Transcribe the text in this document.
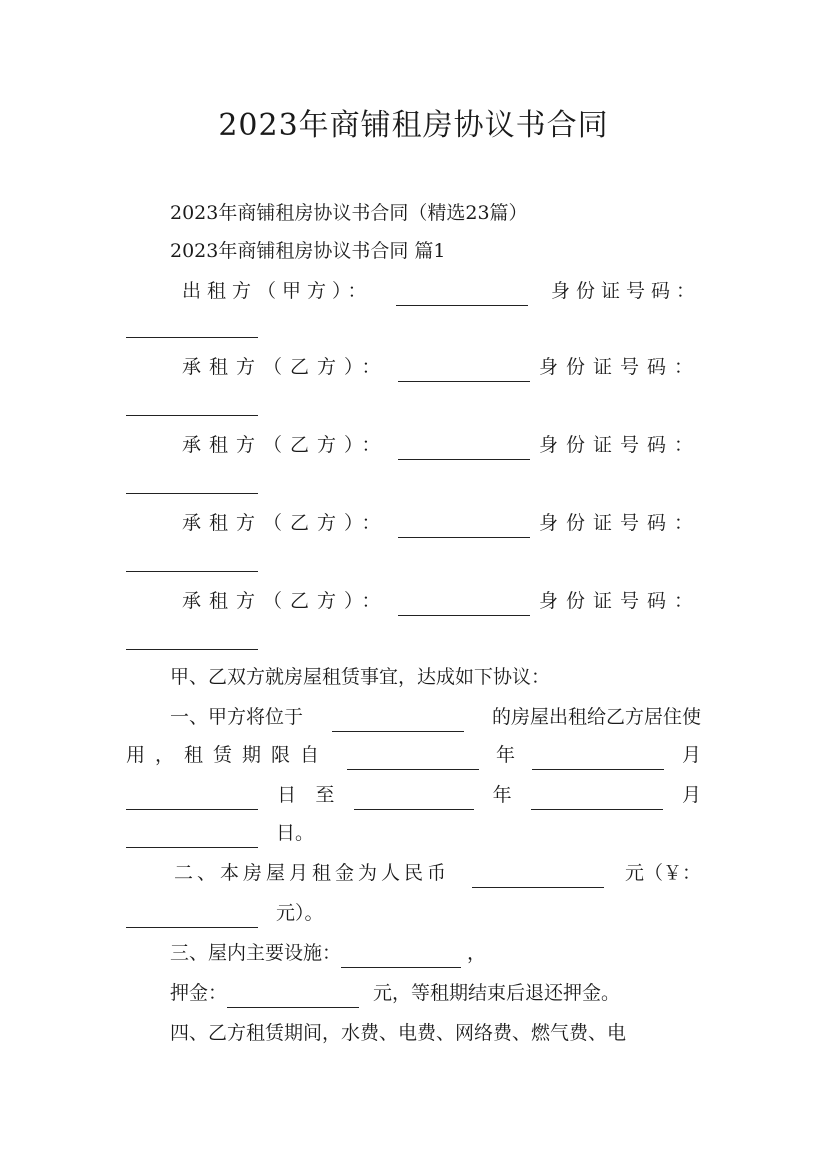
2023年商铺租房协议书合同
2023年商铺租房协议书合同（精选23篇）
2023年商铺租房协议书合同 篇1
出租方（甲方）：	身份证号码：
承租方（乙方）：	身份证号码：
承租方（乙方）：	身份证号码：
承租方（乙方）：	身份证号码：
承租方（乙方）：	身份证号码：
甲、乙双方就房屋租赁事宜，达成如下协议：
一、甲方将位于	的房屋出租给乙方居住使
用，租赁期限自	年	月
日 至	年	月
日。
二、本房屋月租金为人民币	元（￥：
元）。
三、屋内主要设施：	，
押金：	元，等租期结束后退还押金。
四、乙方租赁期间，水费、电费、网络费、燃气费、电
